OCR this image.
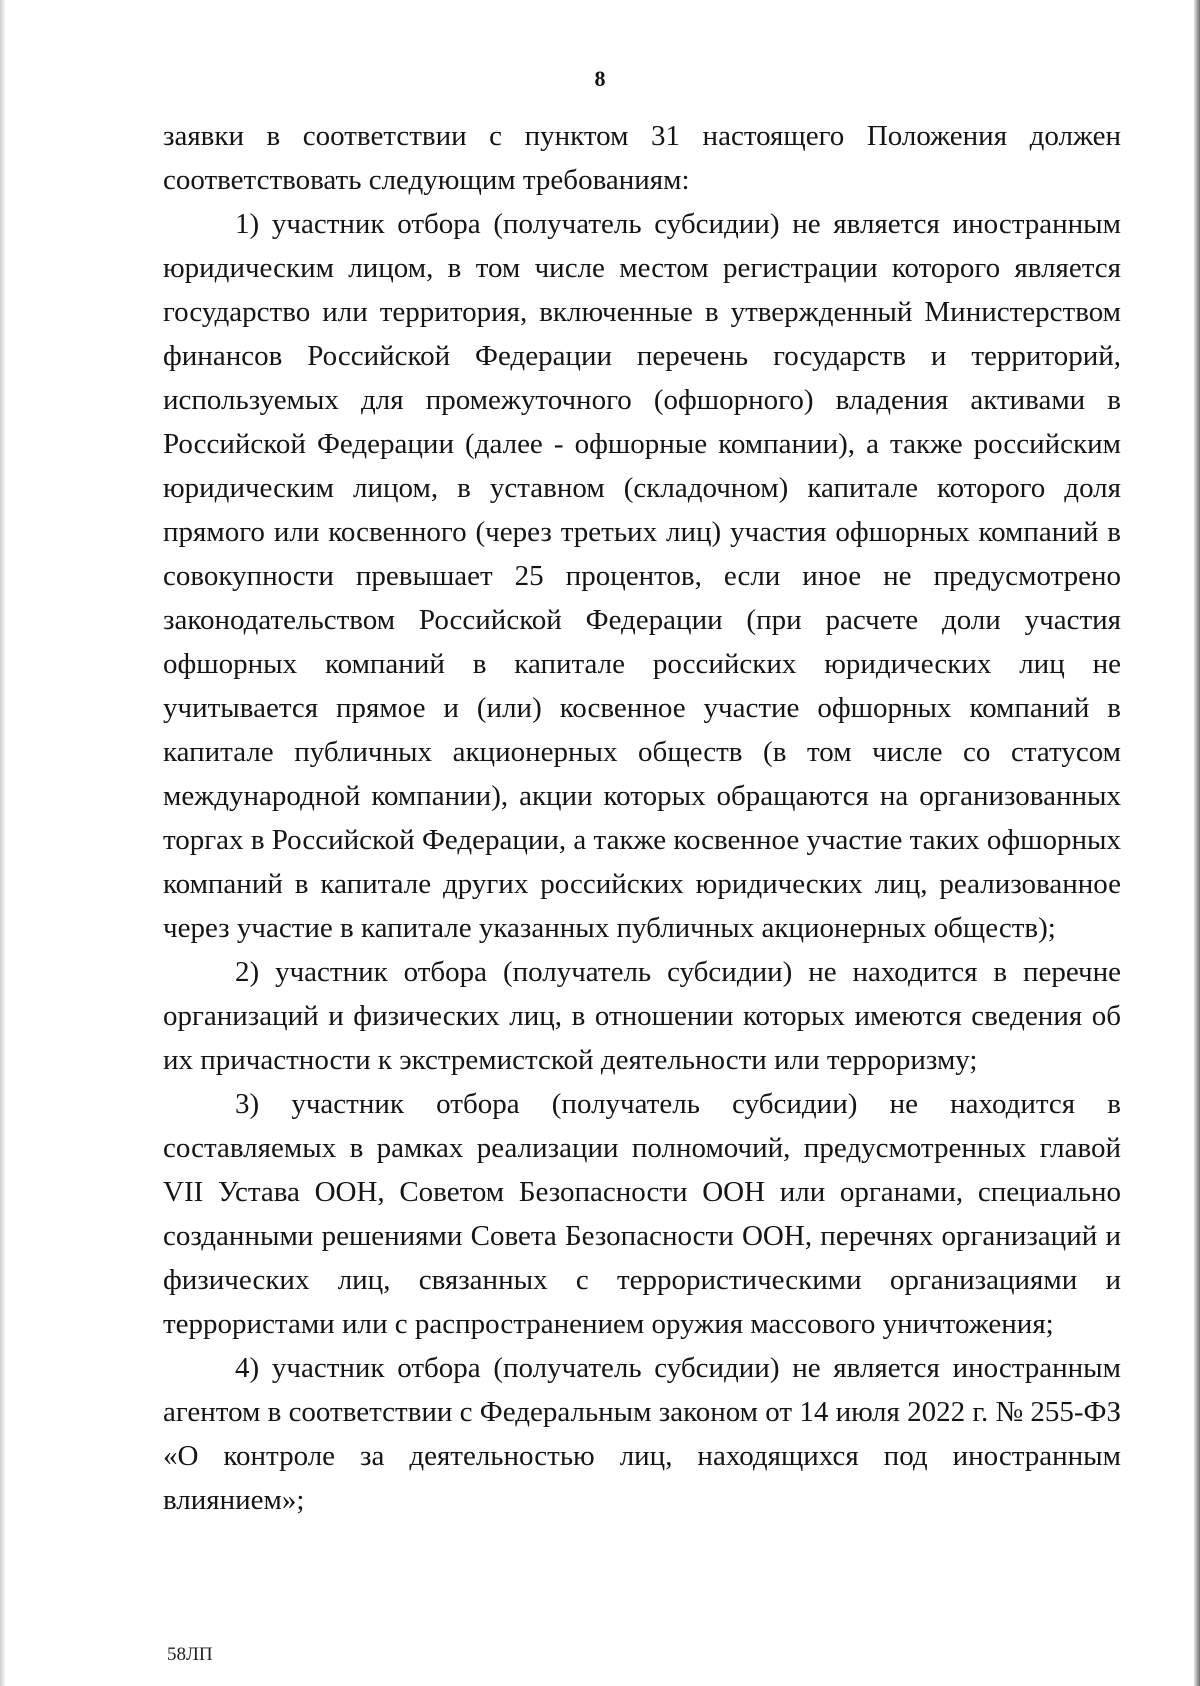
8

заявки в соответствии с пунктом 31 настоящего Положения должен соответствовать следующим требованиям:

1) участник отбора (получатель субсидии) не является иностранным юридическим лицом, в том числе местом регистрации которого является государство или территория, включенные в утвержденный Министерством финансов Российской Федерации перечень государств и территорий, используемых для промежуточного (офшорного) владения активами в Российской Федерации (далее - офшорные компании), а также российским юридическим лицом, в уставном (складочном) капитале которого доля прямого или косвенного (через третьих лиц) участия офшорных компаний в совокупности превышает 25 процентов, если иное не предусмотрено законодательством Российской Федерации (при расчете доли участия офшорных компаний в капитале российских юридических лиц не учитывается прямое и (или) косвенное участие офшорных компаний в капитале публичных акционерных обществ (в том числе со статусом международной компании), акции которых обращаются на организованных торгах в Российской Федерации, а также косвенное участие таких офшорных компаний в капитале других российских юридических лиц, реализованное через участие в капитале указанных публичных акционерных обществ);

2) участник отбора (получатель субсидии) не находится в перечне организаций и физических лиц, в отношении которых имеются сведения об их причастности к экстремистской деятельности или терроризму;

3) участник отбора (получатель субсидии) не находится в составляемых в рамках реализации полномочий, предусмотренных главой VII Устава ООН, Советом Безопасности ООН или органами, специально созданными решениями Совета Безопасности ООН, перечнях организаций и физических лиц, связанных с террористическими организациями и террористами или с распространением оружия массового уничтожения;

4) участник отбора (получатель субсидии) не является иностранным агентом в соответствии с Федеральным законом от 14 июля 2022 г. № 255-ФЗ «О контроле за деятельностью лиц, находящихся под иностранным влиянием»;

58ЛП
